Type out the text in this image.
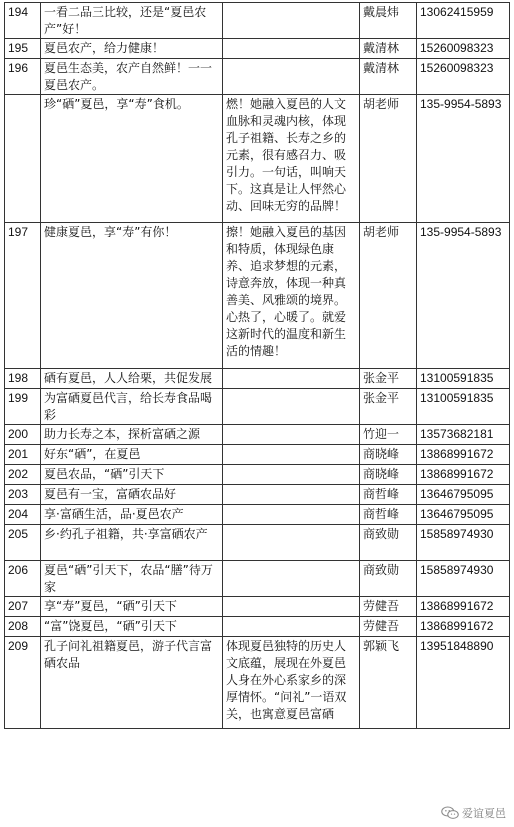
194	一看二品三比较，还是“夏邑农产”好！		戴晨炜	13062415959
195	夏邑农产，给力健康！		戴清林	15260098323
196	夏邑生态美，农产自然鲜！一一夏邑农产。		戴清林	15260098323
	珍“硒”夏邑，享“寿”食机。	燃！她融入夏邑的人文血脉和灵魂内核，体现孔子祖籍、长寿之乡的元素，很有感召力、吸引力。一句话，叫响天下。这真是让人怦然心动、回味无穷的品牌！	胡老师	135-9954-5893
197	健康夏邑，享“寿”有你！	擦！她融入夏邑的基因和特质，体现绿色康养、追求梦想的元素，诗意奔放，体现一种真善美、风雅颂的境界。心热了，心暖了。就爱这新时代的温度和新生活的情趣！	胡老师	135-9954-5893
198	硒有夏邑，人人给栗，共促发展		张金平	13100591835
199	为富硒夏邑代言，给长寿食品喝彩		张金平	13100591835
200	助力长寿之本，探析富硒之源		竹迎一	13573682181
201	好东“硒”，在夏邑		商晓峰	13868991672
202	夏邑农品，“硒”引天下		商晓峰	13868991672
203	夏邑有一宝，富硒农品好		商哲峰	13646795095
204	享·富硒生活，品·夏邑农产		商哲峰	13646795095
205	乡·约孔子祖籍，共·享富硒农产		商致勋	15858974930
206	夏邑“硒”引天下，农品“膳”待万家		商致勋	15858974930
207	享“寿”夏邑，“硒”引天下		劳健吾	13868991672
208	“富”饶夏邑，“硒”引天下		劳健吾	13868991672
209	孔子问礼祖籍夏邑，游子代言富硒农品	体现夏邑独特的历史人文底蕴，展现在外夏邑人身在外心系家乡的深厚情怀。“问礼”一语双关，也寓意夏邑富硒	郭颖飞	13951848890
爱谊夏邑
